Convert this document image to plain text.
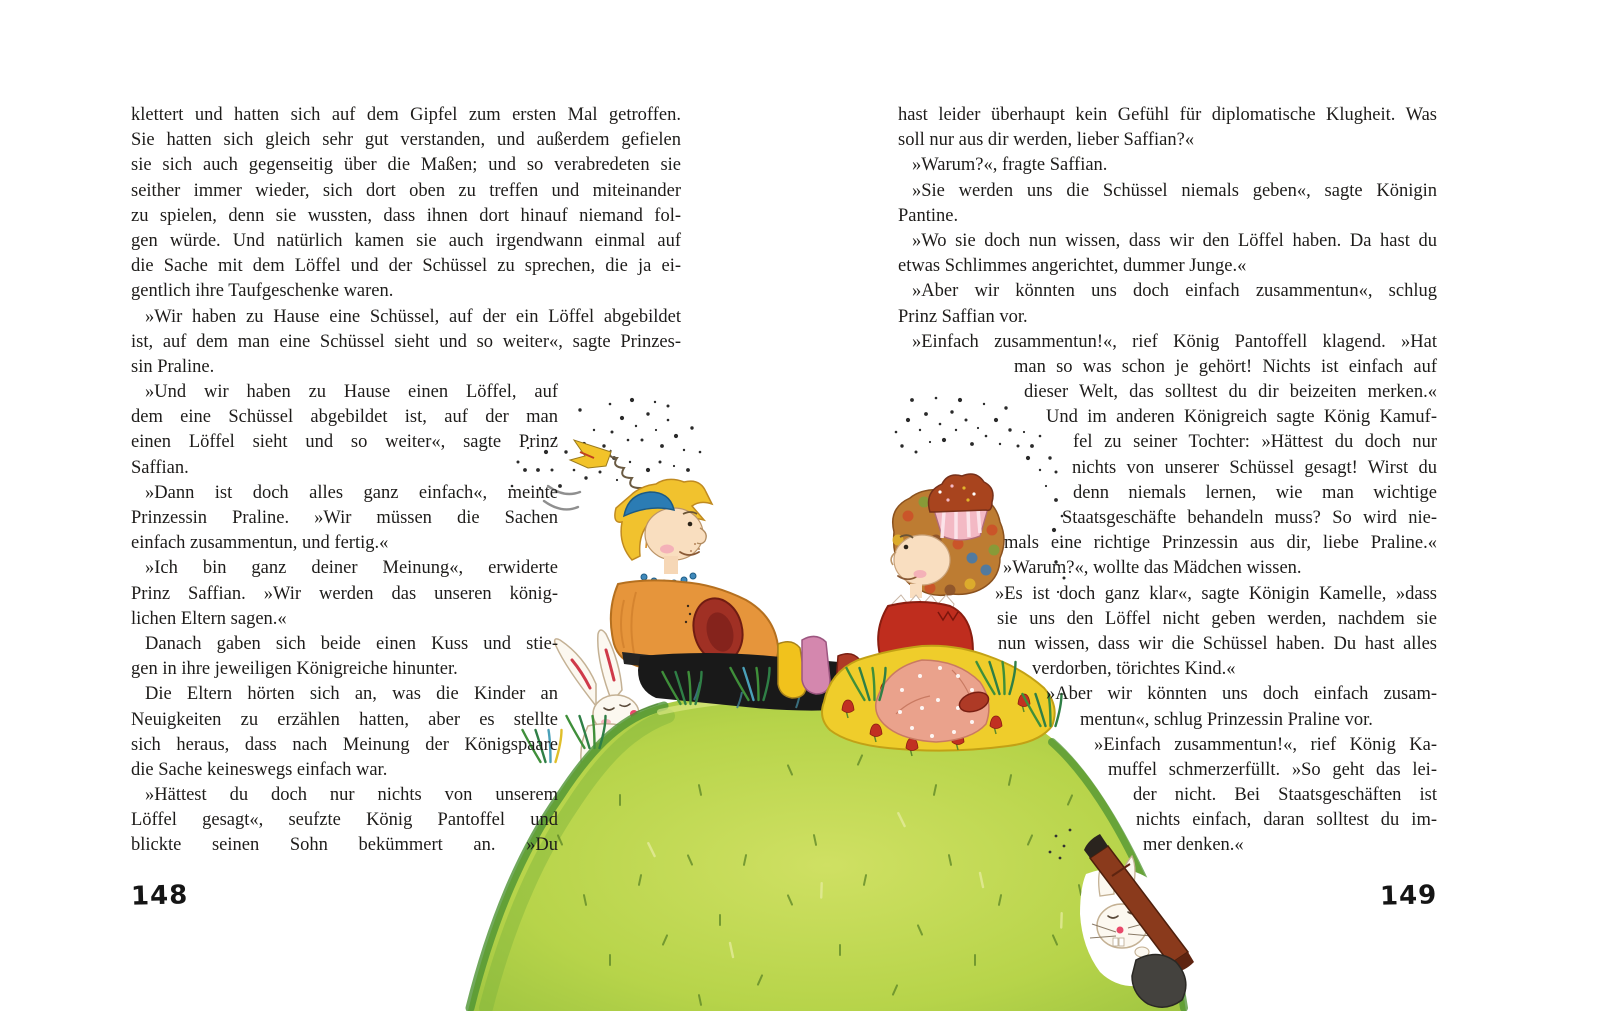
klettert und hatten sich auf dem Gipfel zum ersten Mal getroffen.
Sie hatten sich gleich sehr gut verstanden, und außerdem gefielen
sie sich auch gegenseitig über die Maßen; und so verabredeten sie
seither immer wieder, sich dort oben zu treffen und miteinander
zu spielen, denn sie wussten, dass ihnen dort hinauf niemand fol-
gen würde. Und natürlich kamen sie auch irgendwann einmal auf
die Sache mit dem Löffel und der Schüssel zu sprechen, die ja ei-
gentlich ihre Taufgeschenke waren.
»Wir haben zu Hause eine Schüssel, auf der ein Löffel abgebildet
ist, auf dem man eine Schüssel sieht und so weiter«, sagte Prinzes-
sin Praline.
»Und wir haben zu Hause einen Löffel, auf
dem eine Schüssel abgebildet ist, auf der man
einen Löffel sieht und so weiter«, sagte Prinz
Saffian.
»Dann ist doch alles ganz einfach«, meinte
Prinzessin Praline. »Wir müssen die Sachen
einfach zusammentun, und fertig.«
»Ich bin ganz deiner Meinung«, erwiderte
Prinz Saffian. »Wir werden das unseren könig-
lichen Eltern sagen.«
Danach gaben sich beide einen Kuss und stie-
gen in ihre jeweiligen Königreiche hinunter.
Die Eltern hörten sich an, was die Kinder an
Neuigkeiten zu erzählen hatten, aber es stellte
sich heraus, dass nach Meinung der Königspaare
die Sache keineswegs einfach war.
»Hättest du doch nur nichts von unserem
Löffel gesagt«, seufzte König Pantoffel und
blickte seinen Sohn bekümmert an. »Du
148
hast leider überhaupt kein Gefühl für diplomatische Klugheit. Was
soll nur aus dir werden, lieber Saffian?«
»Warum?«, fragte Saffian.
»Sie werden uns die Schüssel niemals geben«, sagte Königin
Pantine.
»Wo sie doch nun wissen, dass wir den Löffel haben. Da hast du
etwas Schlimmes angerichtet, dummer Junge.«
»Aber wir könnten uns doch einfach zusammentun«, schlug
Prinz Saffian vor.
»Einfach zusammentun!«, rief König Pantoffell klagend. »Hat
man so was schon je gehört! Nichts ist einfach auf
dieser Welt, das solltest du dir beizeiten merken.«
Und im anderen Königreich sagte König Kamuf-
fel zu seiner Tochter: »Hättest du doch nur
nichts von unserer Schüssel gesagt! Wirst du
denn niemals lernen, wie man wichtige
Staatsgeschäfte behandeln muss? So wird nie-
mals eine richtige Prinzessin aus dir, liebe Praline.«
»Warum?«, wollte das Mädchen wissen.
»Es ist doch ganz klar«, sagte Königin Kamelle, »dass
sie uns den Löffel nicht geben werden, nachdem sie
nun wissen, dass wir die Schüssel haben. Du hast alles
verdorben, törichtes Kind.«
»Aber wir könnten uns doch einfach zusam-
mentun«, schlug Prinzessin Praline vor.
»Einfach zusammentun!«, rief König Ka-
muffel schmerzerfüllt. »So geht das lei-
der nicht. Bei Staatsgeschäften ist
nichts einfach, daran solltest du im-
mer denken.«
149
